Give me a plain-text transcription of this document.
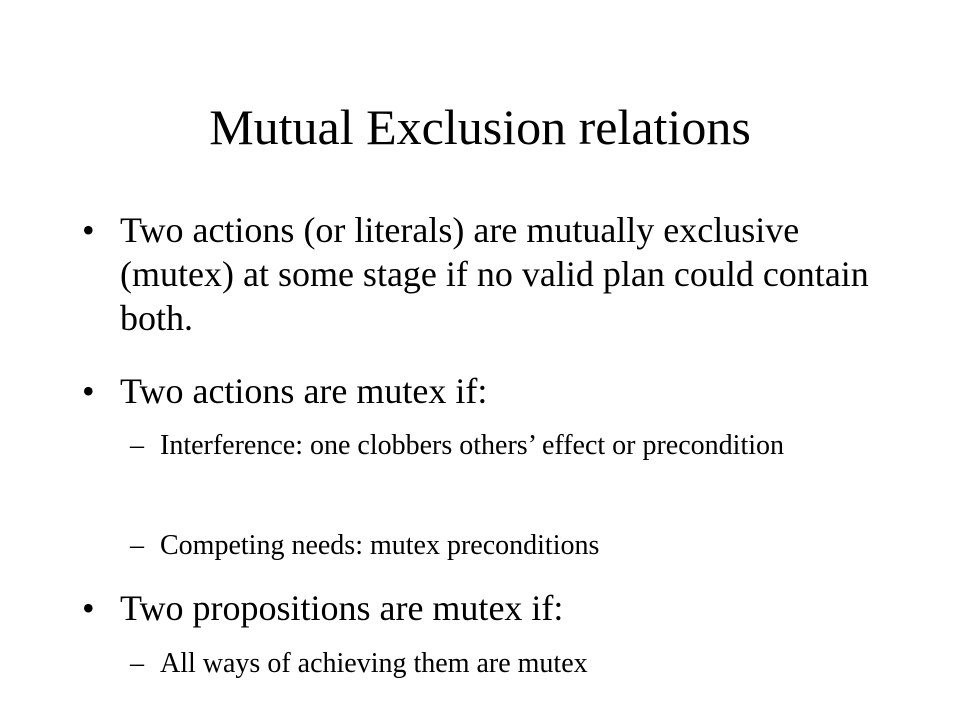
Mutual Exclusion relations
• Two actions (or literals) are mutually exclusive (mutex) at some stage if no valid plan could contain both.
• Two actions are mutex if:
– Interference: one clobbers others’ effect or precondition
– Competing needs: mutex preconditions
• Two propositions are mutex if:
– All ways of achieving them are mutex
